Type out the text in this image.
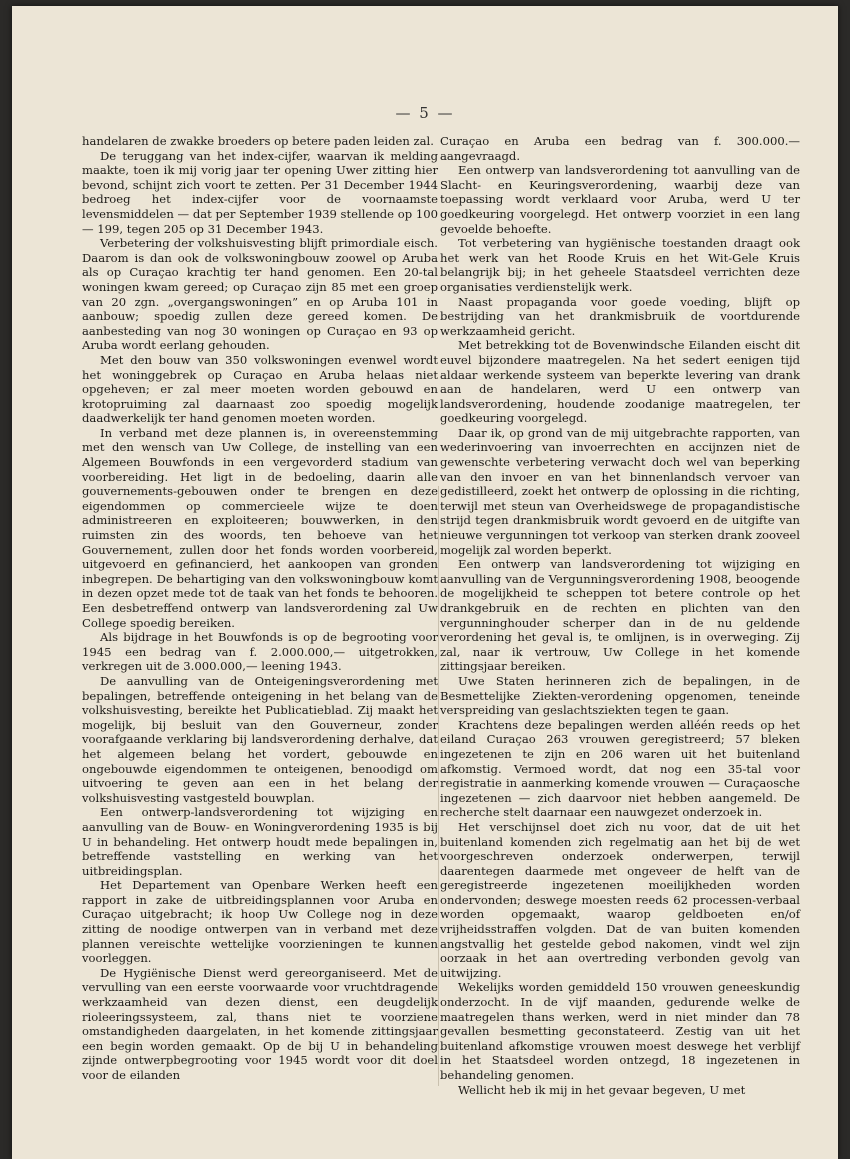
— 5 —

handelaren de zwakke broeders op betere paden leiden zal.

De teruggang van het index-cijfer, waarvan ik melding maakte, toen ik mij vorig jaar ter opening Uwer zitting hier bevond, schijnt zich voort te zetten. Per 31 December 1944 bedroeg het index-cijfer voor de voornaamste levensmiddelen — dat per September 1939 stellende op 100 — 199, tegen 205 op 31 December 1943.

Verbetering der volkshuisvesting blijft primordiale eisch. Daarom is dan ook de volkswoningbouw zoowel op Aruba als op Curaçao krachtig ter hand genomen. Een 20-tal woningen kwam gereed; op Curaçao zijn 85 met een groep van 20 zgn. „overgangswoningen” en op Aruba 101 in aanbouw; spoedig zullen deze gereed komen. De aanbesteding van nog 30 woningen op Curaçao en 93 op Aruba wordt eerlang gehouden.

Met den bouw van 350 volkswoningen evenwel wordt het woninggebrek op Curaçao en Aruba helaas niet opgeheven; er zal meer moeten worden gebouwd en krotopruiming zal daarnaast zoo spoedig mogelijk daadwerkelijk ter hand genomen moeten worden.

In verband met deze plannen is, in overeenstemming met den wensch van Uw College, de instelling van een Algemeen Bouwfonds in een vergevorderd stadium van voorbereiding. Het ligt in de bedoeling, daarin alle gouvernements-gebouwen onder te brengen en deze eigendommen op commercieele wijze te doen administreeren en exploiteeren; bouwwerken, in den ruimsten zin des woords, ten behoeve van het Gouvernement, zullen door het fonds worden voorbereid, uitgevoerd en gefinancierd, het aankoopen van gronden inbegrepen. De behartiging van den volkswoningbouw komt in dezen opzet mede tot de taak van het fonds te behooren. Een desbetreffend ontwerp van landsverordening zal Uw College spoedig bereiken.

Als bijdrage in het Bouwfonds is op de begrooting voor 1945 een bedrag van f. 2.000.000,— uitgetrokken, verkregen uit de 3.000.000,— leening 1943.

De aanvulling van de Onteigeningsverordening met bepalingen, betreffende onteigening in het belang van de volkshuisvesting, bereikte het Publicatieblad. Zij maakt het mogelijk, bij besluit van den Gouverneur, zonder voorafgaande verklaring bij landsverordening derhalve, dat het algemeen belang het vordert, gebouwde en ongebouwde eigendommen te onteigenen, benoodigd om uitvoering te geven aan een in het belang der volkshuisvesting vastgesteld bouwplan.

Een ontwerp-landsverordening tot wijziging en aanvulling van de Bouw- en Woningverordening 1935 is bij U in behandeling. Het ontwerp houdt mede bepalingen in, betreffende vaststelling en werking van het uitbreidingsplan.

Het Departement van Openbare Werken heeft een rapport in zake de uitbreidingsplannen voor Aruba en Curaçao uitgebracht; ik hoop Uw College nog in deze zitting de noodige ontwerpen van in verband met deze plannen vereischte wettelijke voorzieningen te kunnen voorleggen.

De Hygiënische Dienst werd gereorganiseerd. Met de vervulling van een eerste voorwaarde voor vruchtdragende werkzaamheid van dezen dienst, een deugdelijk rioleeringssysteem, zal, thans niet te voorziene omstandigheden daargelaten, in het komende zittingsjaar een begin worden gemaakt. Op de bij U in behandeling zijnde ontwerpbegrooting voor 1945 wordt voor dit doel voor de eilanden

Curaçao en Aruba een bedrag van f. 300.000.— aangevraagd.

Een ontwerp van landsverordening tot aanvulling van de Slacht- en Keuringsverordening, waarbij deze van toepassing wordt verklaard voor Aruba, werd U ter goedkeuring voorgelegd. Het ontwerp voorziet in een lang gevoelde behoefte.

Tot verbetering van hygiënische toestanden draagt ook het werk van het Roode Kruis en het Wit-Gele Kruis belangrijk bij; in het geheele Staatsdeel verrichten deze organisaties verdienstelijk werk.

Naast propaganda voor goede voeding, blijft op bestrijding van het drankmisbruik de voortdurende werkzaamheid gericht.

Met betrekking tot de Bovenwindsche Eilanden eischt dit euvel bijzondere maatregelen. Na het sedert eenigen tijd aldaar werkende systeem van beperkte levering van drank aan de handelaren, werd U een ontwerp van landsverordening, houdende zoodanige maatregelen, ter goedkeuring voorgelegd.

Daar ik, op grond van de mij uitgebrachte rapporten, van wederinvoering van invoerrechten en accijnzen niet de gewenschte verbetering verwacht doch wel van beperking van den invoer en van het binnenlandsch vervoer van gedistilleerd, zoekt het ontwerp de oplossing in die richting, terwijl met steun van Overheidswege de propagandistische strijd tegen drankmisbruik wordt gevoerd en de uitgifte van nieuwe vergunningen tot verkoop van sterken drank zooveel mogelijk zal worden beperkt.

Een ontwerp van landsverordening tot wijziging en aanvulling van de Vergunningsverordening 1908, beoogende de mogelijkheid te scheppen tot betere controle op het drankgebruik en de rechten en plichten van den vergunninghouder scherper dan in de nu geldende verordening het geval is, te omlijnen, is in overweging. Zij zal, naar ik vertrouw, Uw College in het komende zittingsjaar bereiken.

Uwe Staten herinneren zich de bepalingen, in de Besmettelijke Ziekten-verordening opgenomen, teneinde verspreiding van geslachtsziekten tegen te gaan.

Krachtens deze bepalingen werden alléén reeds op het eiland Curaçao 263 vrouwen geregistreerd; 57 bleken ingezetenen te zijn en 206 waren uit het buitenland afkomstig. Vermoed wordt, dat nog een 35-tal voor registratie in aanmerking komende vrouwen — Curaçaosche ingezetenen — zich daarvoor niet hebben aangemeld. De recherche stelt daarnaar een nauwgezet onderzoek in.

Het verschijnsel doet zich nu voor, dat de uit het buitenland komenden zich regelmatig aan het bij de wet voorgeschreven onderzoek onderwerpen, terwijl daarentegen daarmede met ongeveer de helft van de geregistreerde ingezetenen moeilijkheden worden ondervonden; deswege moesten reeds 62 processen-verbaal worden opgemaakt, waarop geldboeten en/of vrijheidsstraffen volgden. Dat de van buiten komenden angstvallig het gestelde gebod nakomen, vindt wel zijn oorzaak in het aan overtreding verbonden gevolg van uitwijzing.

Wekelijks worden gemiddeld 150 vrouwen geneeskundig onderzocht. In de vijf maanden, gedurende welke de maatregelen thans werken, werd in niet minder dan 78 gevallen besmetting geconstateerd. Zestig van uit het buitenland afkomstige vrouwen moest deswege het verblijf in het Staatsdeel worden ontzegd, 18 ingezetenen in behandeling genomen.

Wellicht heb ik mij in het gevaar begeven, U met
